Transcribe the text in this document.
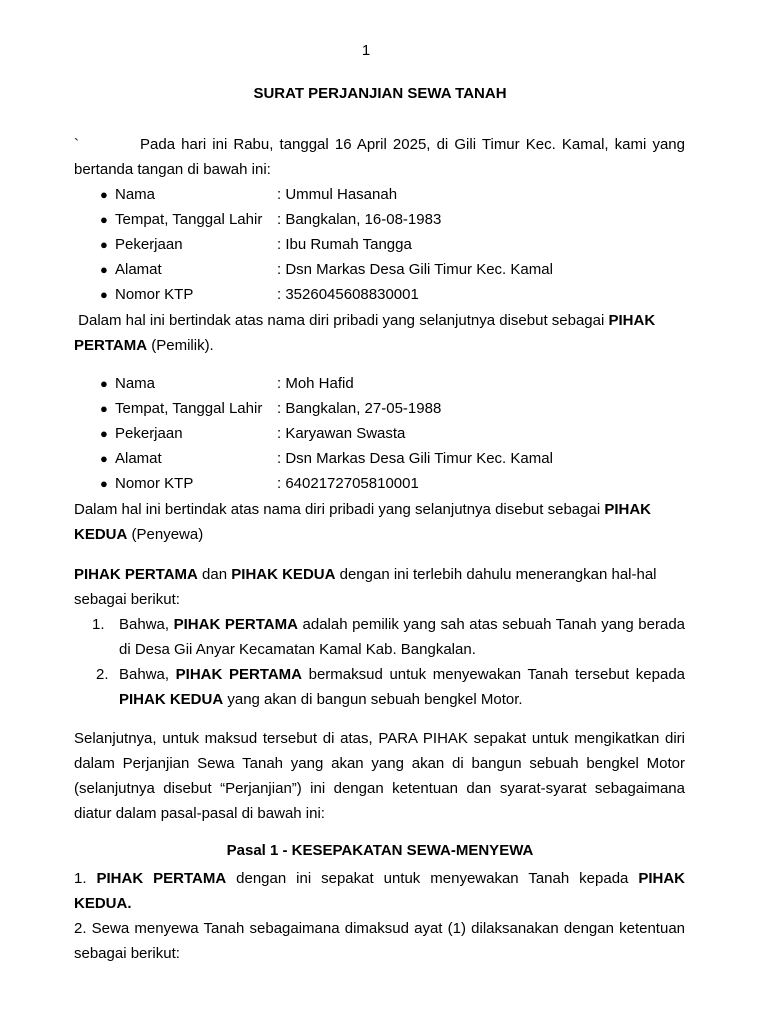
1
SURAT PERJANJIAN SEWA TANAH

`	Pada hari ini Rabu, tanggal 16 April 2025, di Gili Timur Kec. Kamal, kami yang bertanda tangan di bawah ini:

● Nama	: Ummul Hasanah
● Tempat, Tanggal Lahir : Bangkalan, 16-08-1983
● Pekerjaan	: Ibu Rumah Tangga
● Alamat	: Dsn Markas Desa Gili Timur Kec. Kamal
● Nomor KTP	: 3526045608830001

Dalam hal ini bertindak atas nama diri pribadi yang selanjutnya disebut sebagai PIHAK PERTAMA (Pemilik).

● Nama	: Moh Hafid
● Tempat, Tanggal Lahir : Bangkalan, 27-05-1988
● Pekerjaan	: Karyawan Swasta
● Alamat	: Dsn Markas Desa Gili Timur Kec. Kamal
● Nomor KTP	: 6402172705810001

Dalam hal ini bertindak atas nama diri pribadi yang selanjutnya disebut sebagai PIHAK KEDUA (Penyewa)

PIHAK PERTAMA dan PIHAK KEDUA dengan ini terlebih dahulu menerangkan hal-hal sebagai berikut:

1. Bahwa, PIHAK PERTAMA adalah pemilik yang sah atas sebuah Tanah yang berada di Desa Gii Anyar Kecamatan Kamal Kab. Bangkalan.
2. Bahwa, PIHAK PERTAMA bermaksud untuk menyewakan Tanah tersebut kepada PIHAK KEDUA yang akan di bangun sebuah bengkel Motor.

Selanjutnya, untuk maksud tersebut di atas, PARA PIHAK sepakat untuk mengikatkan diri dalam Perjanjian Sewa Tanah yang akan yang akan di bangun sebuah bengkel Motor (selanjutnya disebut “Perjanjian”) ini dengan ketentuan dan syarat-syarat sebagaimana diatur dalam pasal-pasal di bawah ini:

Pasal 1 - KESEPAKATAN SEWA-MENYEWA

1. PIHAK PERTAMA dengan ini sepakat untuk menyewakan Tanah kepada PIHAK KEDUA.

2. Sewa menyewa Tanah sebagaimana dimaksud ayat (1) dilaksanakan dengan ketentuan sebagai berikut:
